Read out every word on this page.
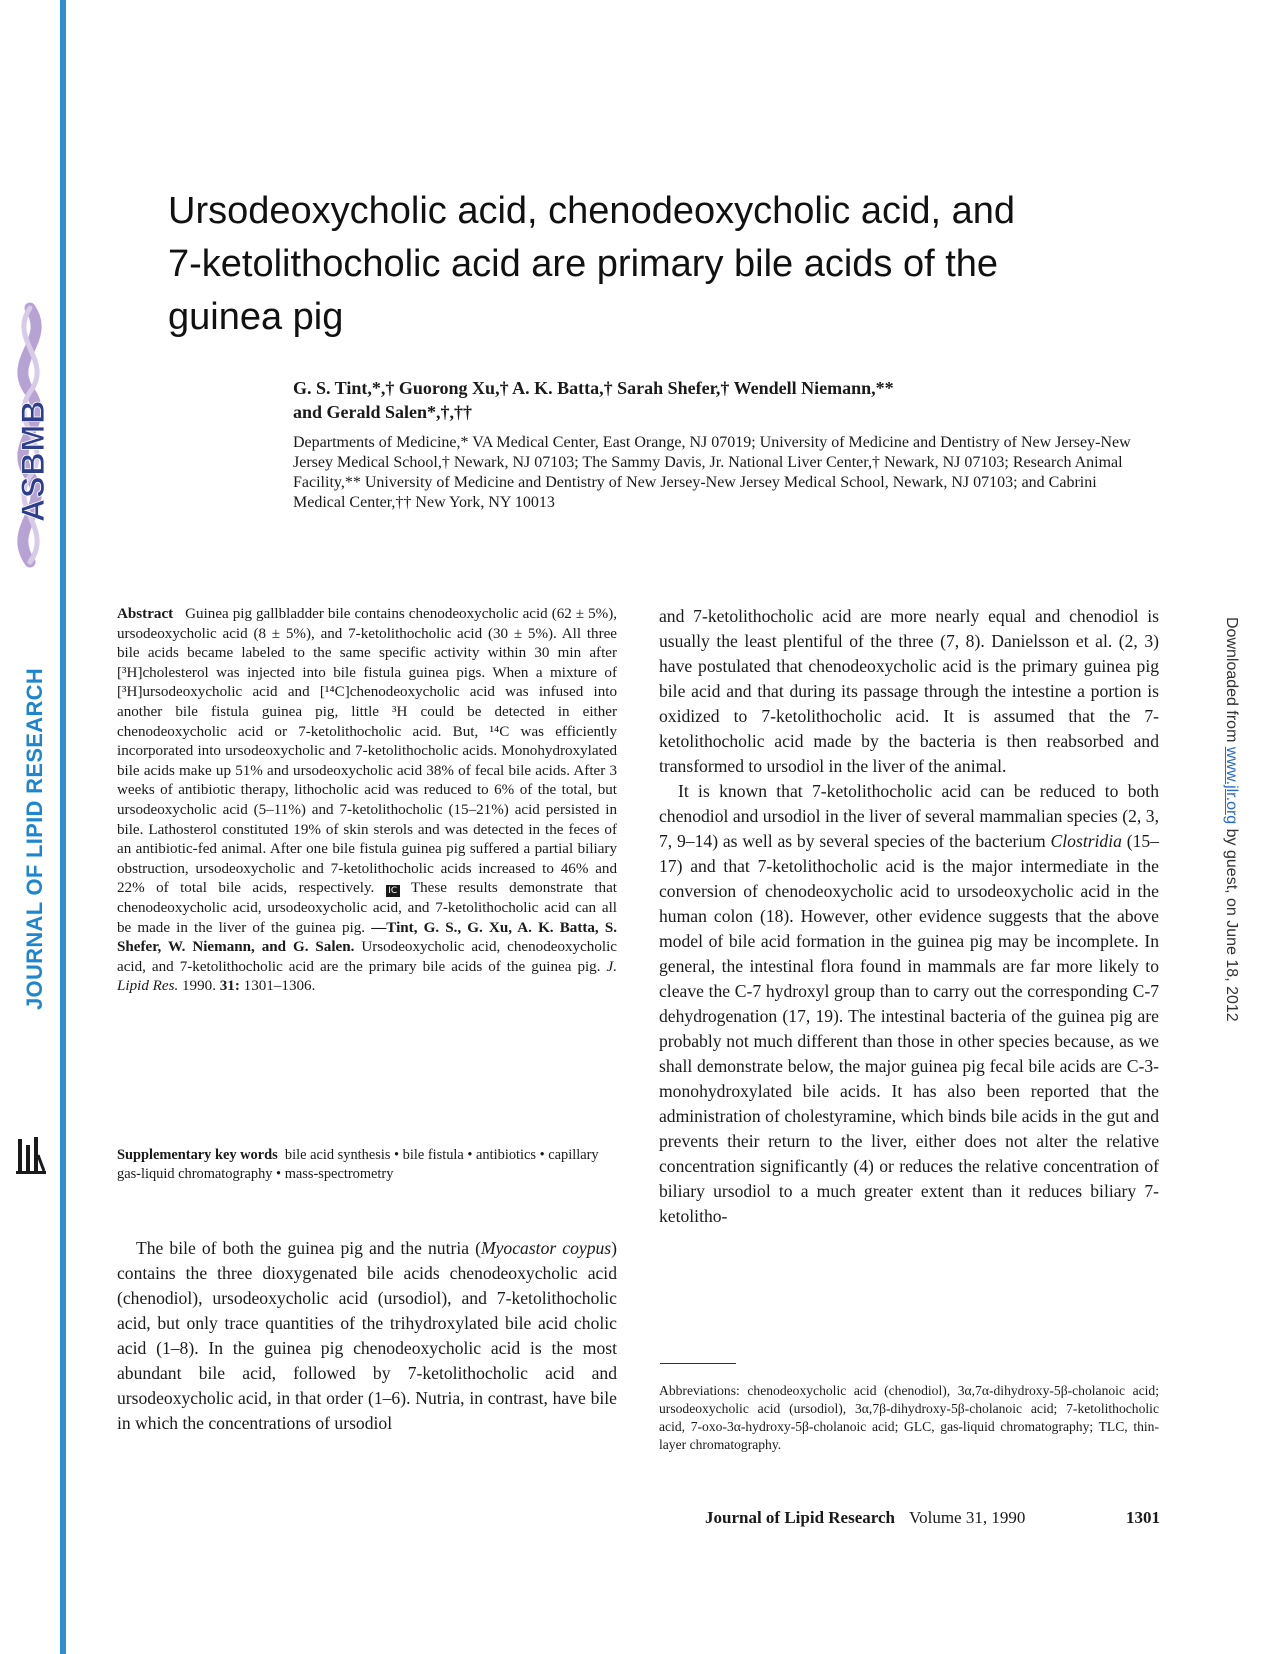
ASBMB
JOURNAL OF LIPID RESEARCH	Downloaded from www.jlr.org by guest, on June 18, 2012
Ursodeoxycholic acid, chenodeoxycholic acid, and
7-ketolithocholic acid are primary bile acids of the
guinea pig
G. S. Tint,*,† Guorong Xu,† A. K. Batta,† Sarah Shefer,† Wendell Niemann,**
and Gerald Salen*,†,††
Departments of Medicine,* VA Medical Center, East Orange, NJ 07019; University of Medicine and Dentistry of New Jersey-New Jersey Medical School,† Newark, NJ 07103; The Sammy Davis, Jr. National Liver Center,† Newark, NJ 07103; Research Animal Facility,** University of Medicine and Dentistry of New Jersey-New Jersey Medical School, Newark, NJ 07103; and Cabrini Medical Center,†† New York, NY 10013
Abstract Guinea pig gallbladder bile contains chenodeoxycholic acid (62 ± 5%), ursodeoxycholic acid (8 ± 5%), and 7-ketolithocholic acid (30 ± 5%). All three bile acids became labeled to the same specific activity within 30 min after [³H]cholesterol was injected into bile fistula guinea pigs. When a mixture of [³H]ursodeoxycholic acid and [¹⁴C]chenodeoxycholic acid was infused into another bile fistula guinea pig, little ³H could be detected in either chenodeoxycholic acid or 7-ketolithocholic acid. But, ¹⁴C was efficiently incorporated into ursodeoxycholic and 7-ketolithocholic acids. Monohydroxylated bile acids make up 51% and ursodeoxycholic acid 38% of fecal bile acids. After 3 weeks of antibiotic therapy, lithocholic acid was reduced to 6% of the total, but ursodeoxycholic acid (5–11%) and 7-ketolithocholic (15–21%) acid persisted in bile. Lathosterol constituted 19% of skin sterols and was detected in the feces of an antibiotic-fed animal. After one bile fistula guinea pig suffered a partial biliary obstruction, ursodeoxycholic and 7-ketolithocholic acids increased to 46% and 22% of total bile acids, respectively. IC These results demonstrate that chenodeoxycholic acid, ursodeoxycholic acid, and 7-ketolithocholic acid can all be made in the liver of the guinea pig. —Tint, G. S., G. Xu, A. K. Batta, S. Shefer, W. Niemann, and G. Salen. Ursodeoxycholic acid, chenodeoxycholic acid, and 7-ketolithocholic acid are the primary bile acids of the guinea pig. J. Lipid Res. 1990. 31: 1301–1306.
Supplementary key words bile acid synthesis • bile fistula • antibiotics • capillary gas-liquid chromatography • mass-spectrometry

The bile of both the guinea pig and the nutria (Myocastor coypus) contains the three dioxygenated bile acids chenodeoxycholic acid (chenodiol), ursodeoxycholic acid (ursodiol), and 7-ketolithocholic acid, but only trace quantities of the trihydroxylated bile acid cholic acid (1–8). In the guinea pig chenodeoxycholic acid is the most abundant bile acid, followed by 7-ketolithocholic acid and ursodeoxycholic acid, in that order (1–6). Nutria, in contrast, have bile in which the concentrations of ursodiol

and 7-ketolithocholic acid are more nearly equal and chenodiol is usually the least plentiful of the three (7, 8). Danielsson et al. (2, 3) have postulated that chenodeoxycholic acid is the primary guinea pig bile acid and that during its passage through the intestine a portion is oxidized to 7-ketolithocholic acid. It is assumed that the 7-ketolithocholic acid made by the bacteria is then reabsorbed and transformed to ursodiol in the liver of the animal.

It is known that 7-ketolithocholic acid can be reduced to both chenodiol and ursodiol in the liver of several mammalian species (2, 3, 7, 9–14) as well as by several species of the bacterium Clostridia (15–17) and that 7-ketolithocholic acid is the major intermediate in the conversion of chenodeoxycholic acid to ursodeoxycholic acid in the human colon (18). However, other evidence suggests that the above model of bile acid formation in the guinea pig may be incomplete. In general, the intestinal flora found in mammals are far more likely to cleave the C-7 hydroxyl group than to carry out the corresponding C-7 dehydrogenation (17, 19). The intestinal bacteria of the guinea pig are probably not much different than those in other species because, as we shall demonstrate below, the major guinea pig fecal bile acids are C-3-monohydroxylated bile acids. It has also been reported that the administration of cholestyramine, which binds bile acids in the gut and prevents their return to the liver, either does not alter the relative concentration significantly (4) or reduces the relative concentration of biliary ursodiol to a much greater extent than it reduces biliary 7-ketolitho-

Abbreviations: chenodeoxycholic acid (chenodiol), 3α,7α-dihydroxy-5β-cholanoic acid; ursodeoxycholic acid (ursodiol), 3α,7β-dihydroxy-5β-cholanoic acid; 7-ketolithocholic acid, 7-oxo-3α-hydroxy-5β-cholanoic acid; GLC, gas-liquid chromatography; TLC, thin-layer chromatography.
Journal of Lipid Research Volume 31, 1990	1301
